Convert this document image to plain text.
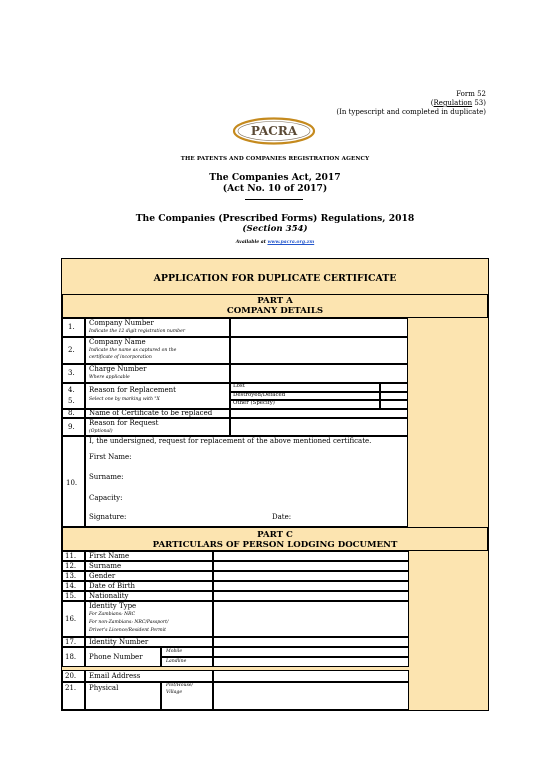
Form 52
(Regulation 53)
(In typescript and completed in duplicate)
PACRA
THE PATENTS AND COMPANIES REGISTRATION AGENCY
The Companies Act, 2017
(Act No. 10 of 2017)
The Companies (Prescribed Forms) Regulations, 2018
(Section 354)
Available at www.pacra.org.zm
APPLICATION FOR DUPLICATE CERTIFICATE
PART A
COMPANY DETAILS
1. Company Number
Indicate the 12 digit registration number
2.
Company Name
Indicate the name as captured on the
certificate of incorporation
3. Charge Number
Where applicable
4.
5.
Reason for Replacement
Select one by marking with "X
Lost
Destroyed/Defaced
Other (Specify)
8. Name of Certificate to be replaced
9. Reason for Request
(Optional)
10.
I, the undersigned, request for replacement of the above mentioned certificate.
First Name:
Surname:
Capacity:
Signature:	Date:
PART C
PARTICULARS OF PERSON LODGING DOCUMENT
11. First Name
12. Surname
13. Gender
14. Date of Birth
15. Nationality
16.
Identity Type
For Zambians: NRC
For non-Zambians: NRC/Passport/
Driver's Licence/Resident Permit
17. Identity Number
18. Phone Number
Mobile
Landline
20. Email Address
21. Physical	Plot/House/
Village
